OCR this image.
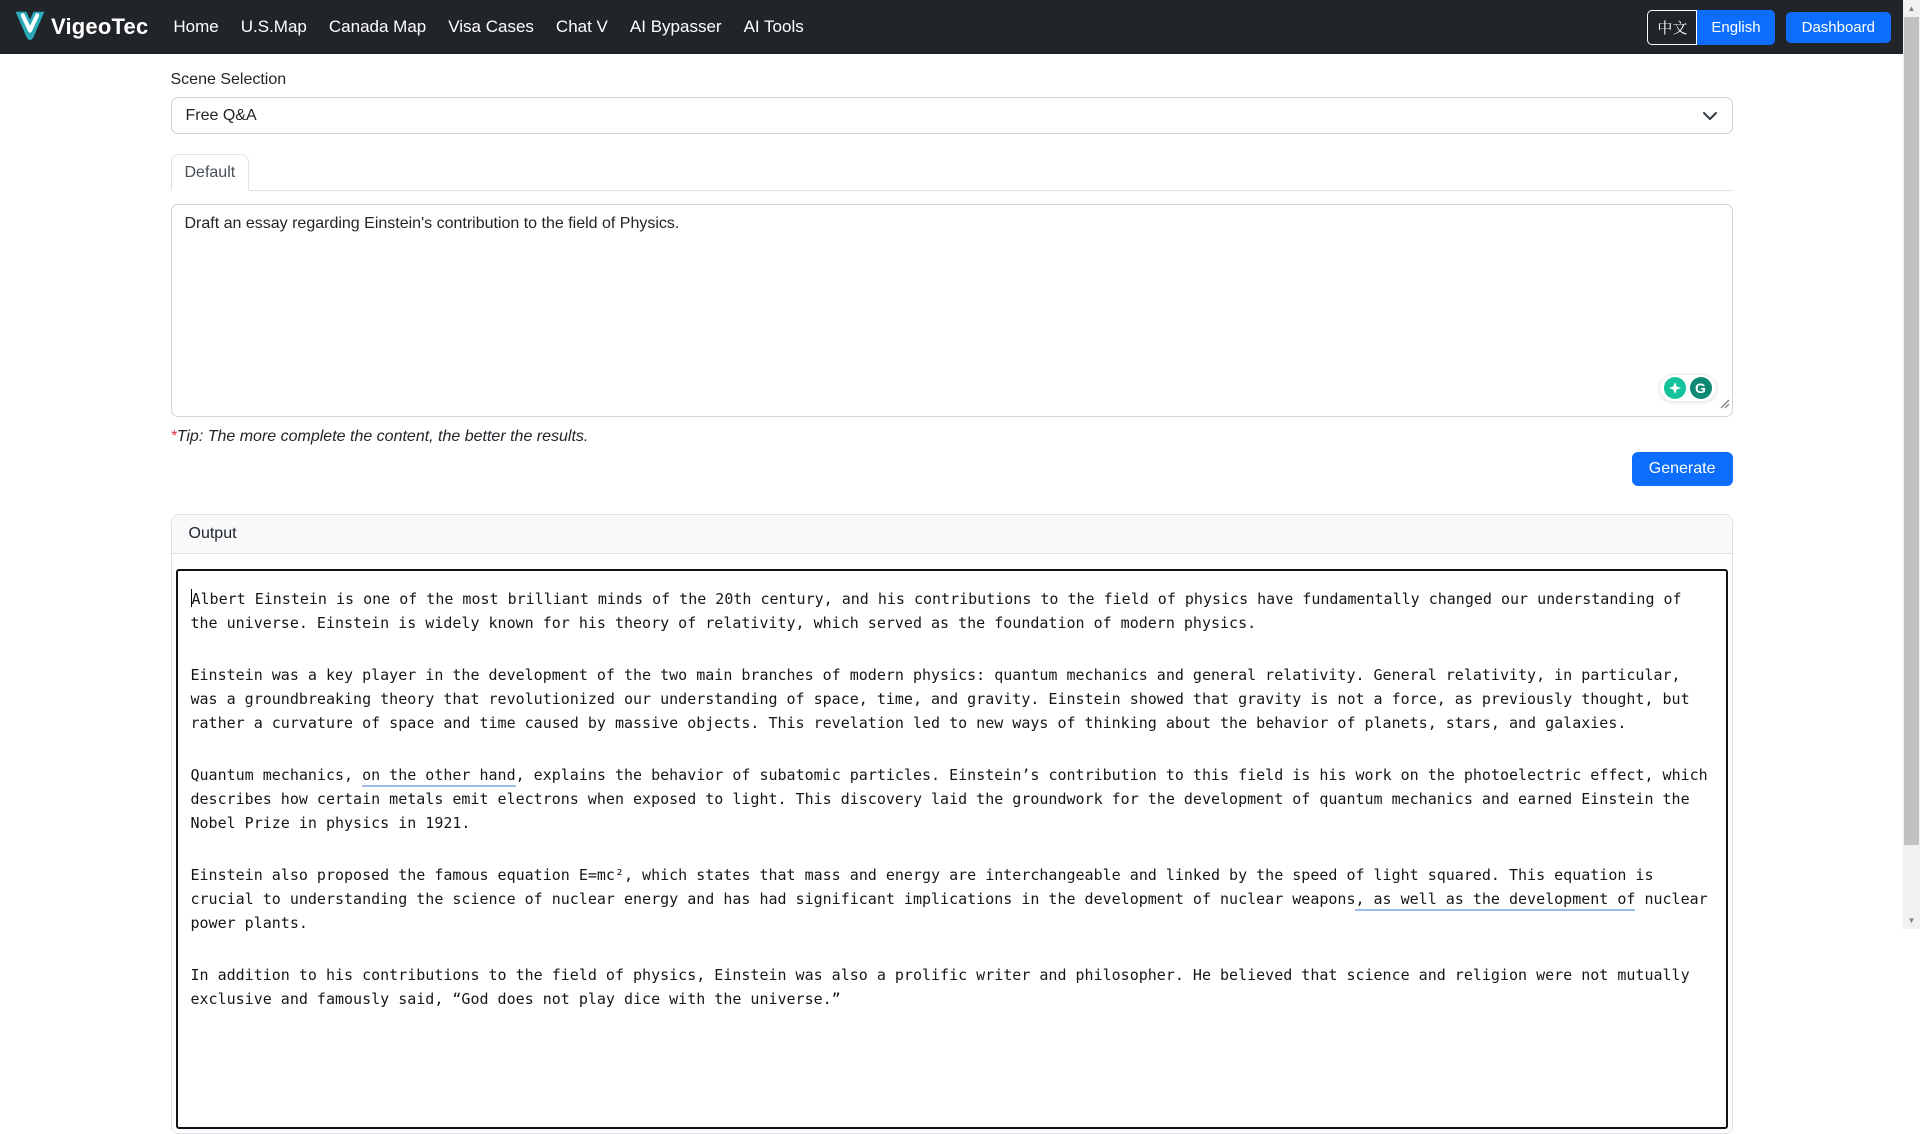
VigeoTec	Home	U.S.Map	Canada Map	Visa Cases	Chat V	AI Bypasser	AI Tools	中文	English	Dashboard
Scene Selection
Free Q&A
Default
Draft an essay regarding Einstein's contribution to the field of Physics.
G
*Tip: The more complete the content, the better the results.
Generate
Output

Albert Einstein is one of the most brilliant minds of the 20th century, and his contributions to the field of physics have fundamentally changed our understanding of the universe. Einstein is widely known for his theory of relativity, which served as the foundation of modern physics.

Einstein was a key player in the development of the two main branches of modern physics: quantum mechanics and general relativity. General relativity, in particular, was a groundbreaking theory that revolutionized our understanding of space, time, and gravity. Einstein showed that gravity is not a force, as previously thought, but rather a curvature of space and time caused by massive objects. This revelation led to new ways of thinking about the behavior of planets, stars, and galaxies.

Quantum mechanics, on the other hand, explains the behavior of subatomic particles. Einstein’s contribution to this field is his work on the photoelectric effect, which describes how certain metals emit electrons when exposed to light. This discovery laid the groundwork for the development of quantum mechanics and earned Einstein the Nobel Prize in physics in 1921.

Einstein also proposed the famous equation E=mc², which states that mass and energy are interchangeable and linked by the speed of light squared. This equation is crucial to understanding the science of nuclear energy and has had significant implications in the development of nuclear weapons, as well as the development of nuclear power plants.

In addition to his contributions to the field of physics, Einstein was also a prolific writer and philosopher. He believed that science and religion were not mutually exclusive and famously said, “God does not play dice with the universe.”

▲
▼
